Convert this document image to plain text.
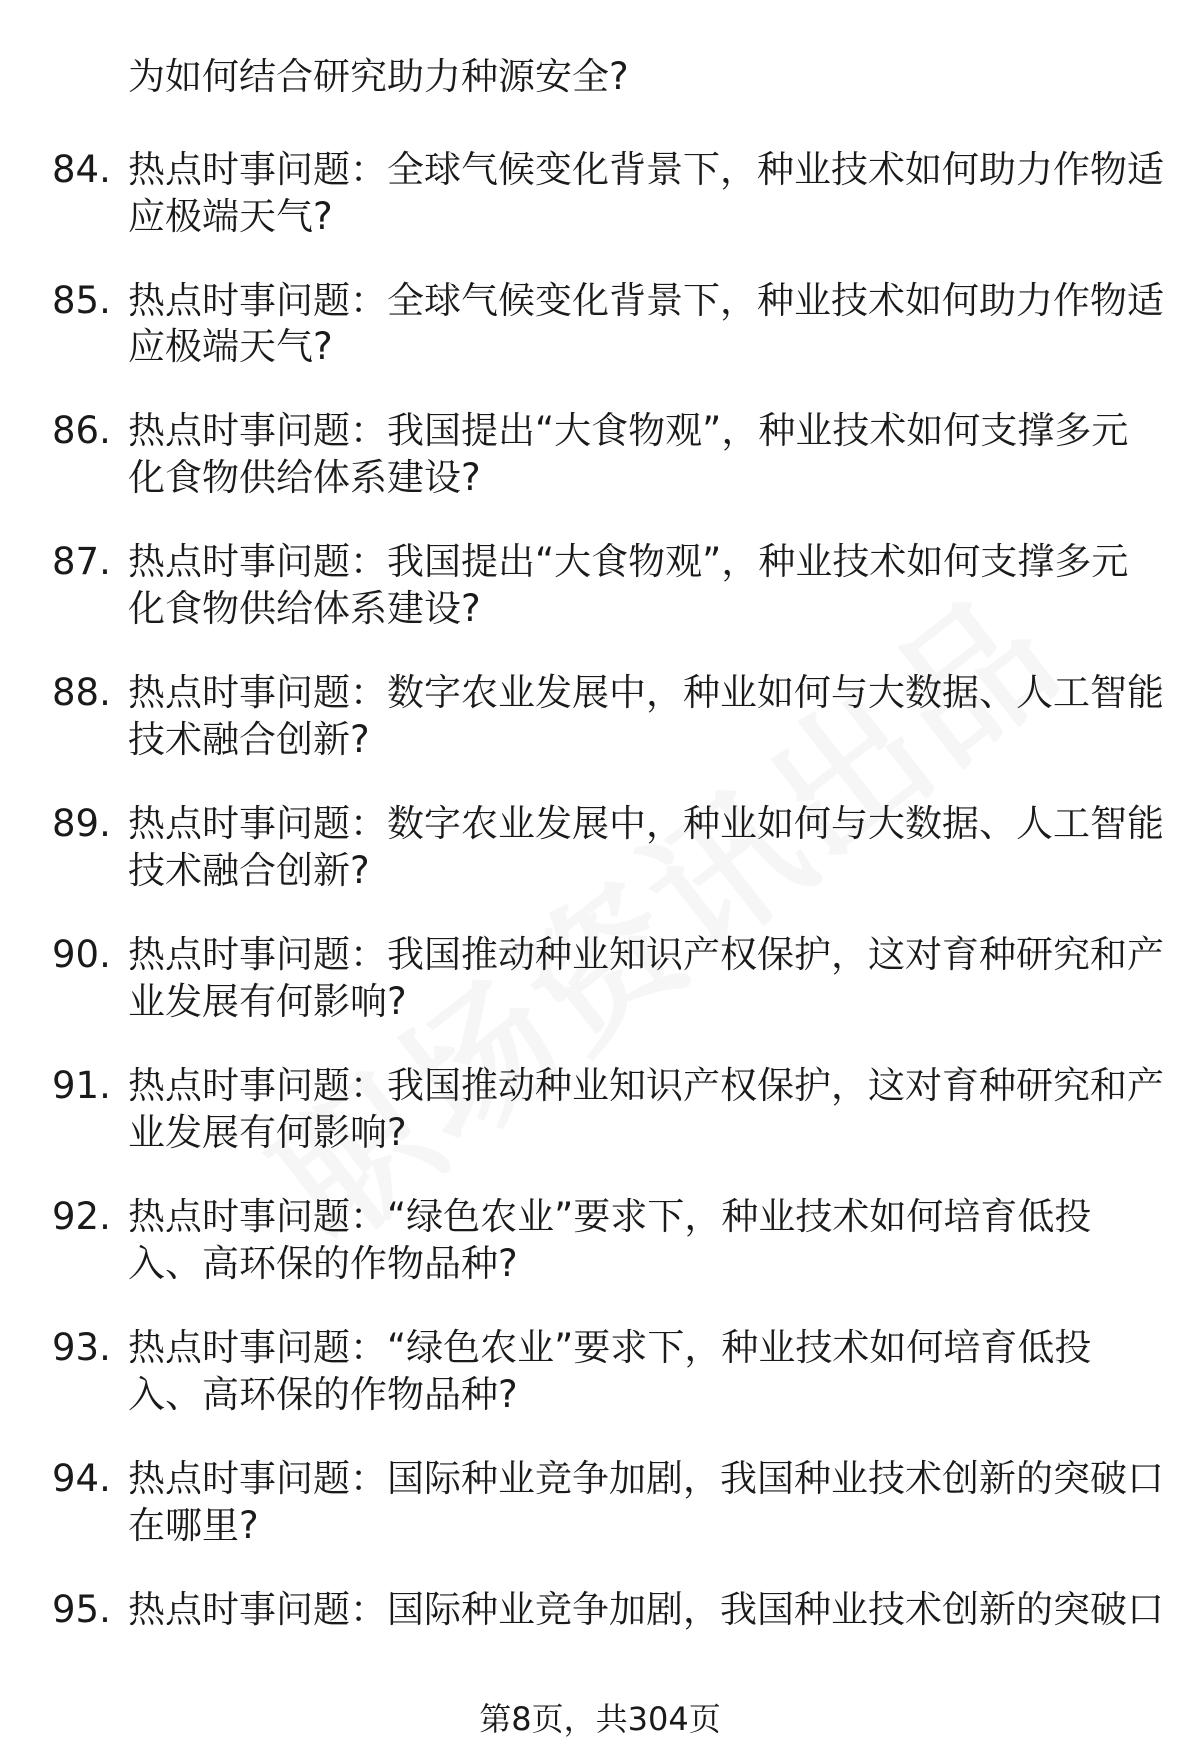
为如何结合研究助力种源安全?
84. 热点时事问题：全球气候变化背景下，种业技术如何助力作物适
应极端天气?
85. 热点时事问题：全球气候变化背景下，种业技术如何助力作物适
应极端天气?
86. 热点时事问题：我国提出“大食物观”，种业技术如何支撑多元
化食物供给体系建设?
87. 热点时事问题：我国提出“大食物观”，种业技术如何支撑多元
化食物供给体系建设?
88. 热点时事问题：数字农业发展中，种业如何与大数据、人工智能
技术融合创新?
89. 热点时事问题：数字农业发展中，种业如何与大数据、人工智能
技术融合创新?
90. 热点时事问题：我国推动种业知识产权保护，这对育种研究和产
业发展有何影响?
91. 热点时事问题：我国推动种业知识产权保护，这对育种研究和产
业发展有何影响?
92. 热点时事问题：“绿色农业”要求下，种业技术如何培育低投
入、高环保的作物品种?
93. 热点时事问题：“绿色农业”要求下，种业技术如何培育低投
入、高环保的作物品种?
94. 热点时事问题：国际种业竞争加剧，我国种业技术创新的突破口
在哪里?
95. 热点时事问题：国际种业竞争加剧，我国种业技术创新的突破口
第8页，共304页
